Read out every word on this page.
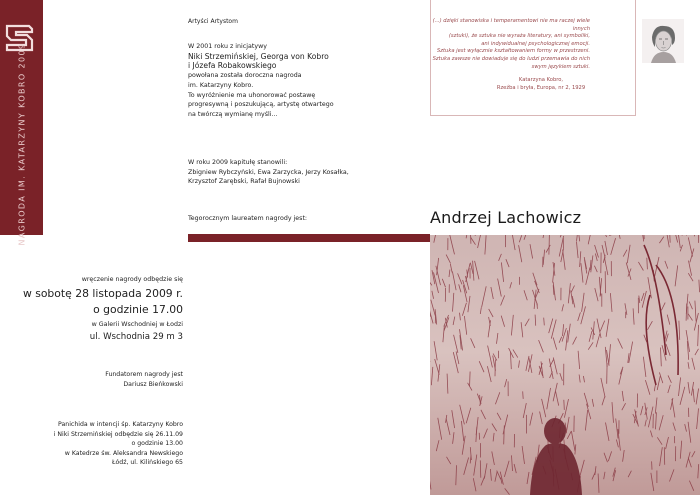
NAGRODA IM. KATARZYNY KOBRO 2009
(...) dzięki stanowiska i temperamentowi nie ma raczej wiele innych
(sztuki), że sztuka nie wyraża literatury, ani symboliki,
ani indywidualnej psychologicznej emocji.
Sztuka jest wyłącznie kształtowaniem formy w przestrzeni.
Sztuka zawsze nie dowiaduje się do ludzi przemawia do nich
swym językiem sztuki.
Katarzyna Kobro,
Rzeźba i bryła, Europa, nr 2, 1929
Artyści Artystom
W 2001 roku z inicjatywy
Niki Strzemińskiej, Georga von Kobro
i Józefa Robakowskiego
powołana została doroczna nagroda
im. Katarzyny Kobro.
To wyróżnienie ma uhonorować postawę
progresywną i poszukującą, artystę otwartego
na twórczą wymianę myśli...
W roku 2009 kapitułę stanowili:
Zbigniew Rybczyński, Ewa Zarzycka, Jerzy Kosałka,
Krzysztof Zarębski, Rafał Bujnowski
Tegorocznym laureatem nagrody jest:	Andrzej Lachowicz
wręczenie nagrody odbędzie się
w sobotę 28 listopada 2009 r.
o godzinie 17.00
w Galerii Wschodniej w Łodzi
ul. Wschodnia 29 m 3
Fundatorem nagrody jest
Dariusz Bieńkowski
Panichida w intencji śp. Katarzyny Kobro
i Niki Strzemińskiej odbędzie się 26.11.09
o godzinie 13.00
w Katedrze św. Aleksandra Newskiego
Łódź, ul. Kilińskiego 65
